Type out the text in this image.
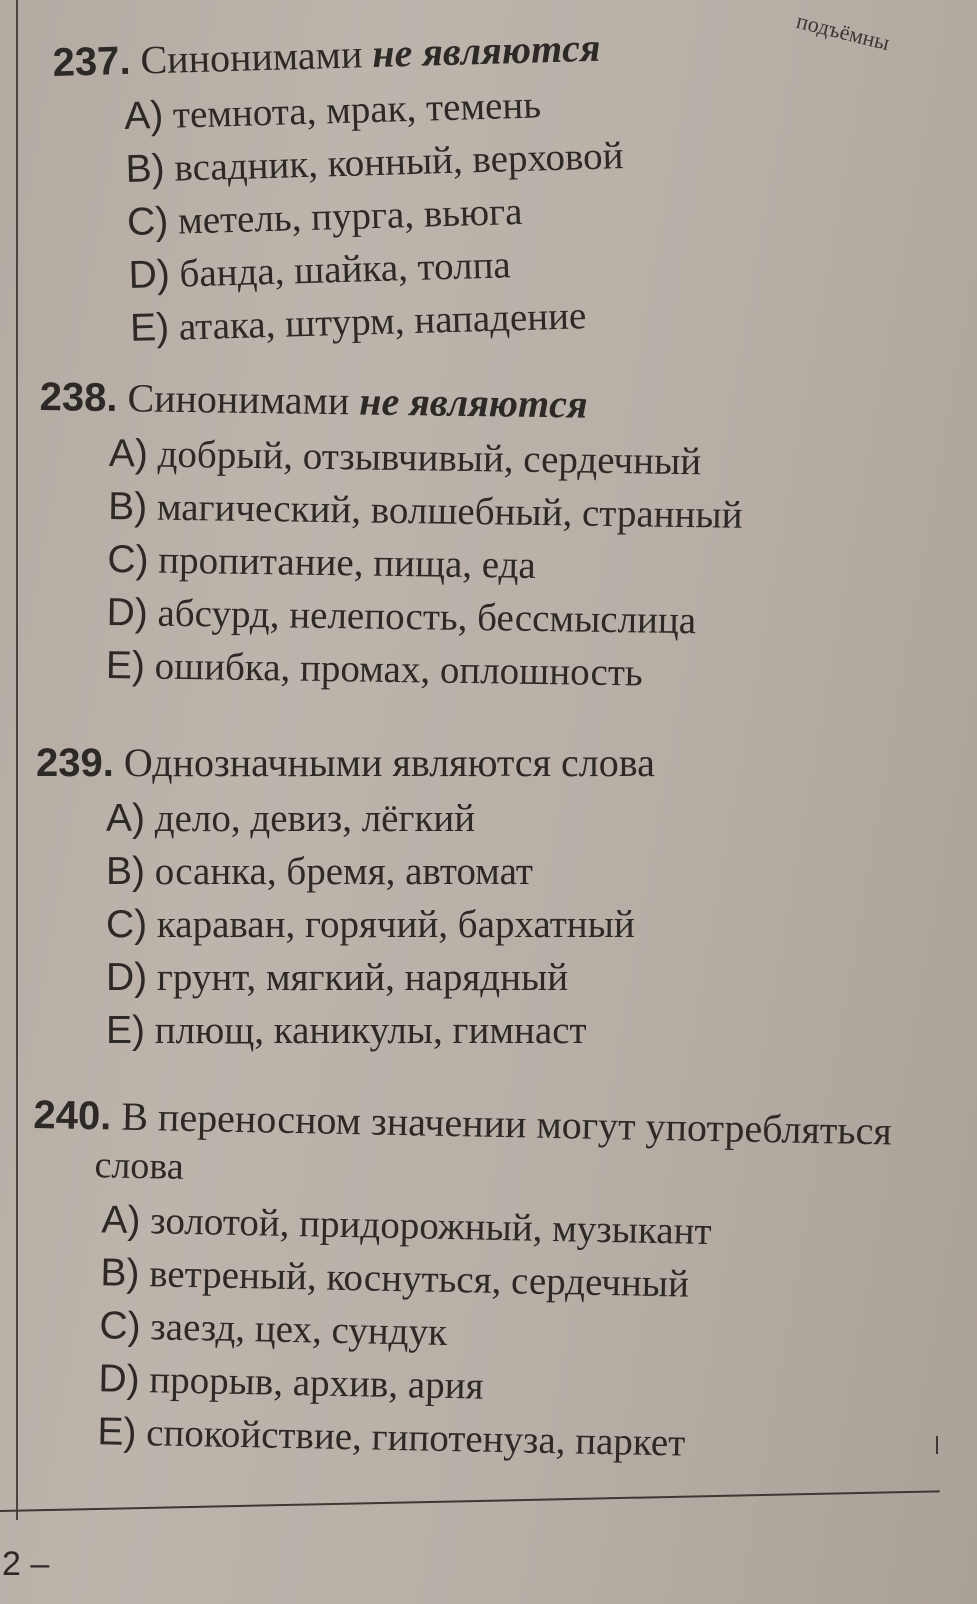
подъёмны
237. Синонимами не являются
A) темнота, мрак, темень
B) всадник, конный, верховой
C) метель, пурга, вьюга
D) банда, шайка, толпа
E) атака, штурм, нападение
238. Синонимами не являются
A) добрый, отзывчивый, сердечный
B) магический, волшебный, странный
C) пропитание, пища, еда
D) абсурд, нелепость, бессмыслица
E) ошибка, промах, оплошность
239. Однозначными являются слова
A) дело, девиз, лёгкий
B) осанка, бремя, автомат
C) караван, горячий, бархатный
D) грунт, мягкий, нарядный
E) плющ, каникулы, гимнаст
240. В переносном значении могут употребляться
слова
A) золотой, придорожный, музыкант
B) ветреный, коснуться, сердечный
C) заезд, цех, сундук
D) прорыв, архив, ария
E) спокойствие, гипотенуза, паркет
2 –
